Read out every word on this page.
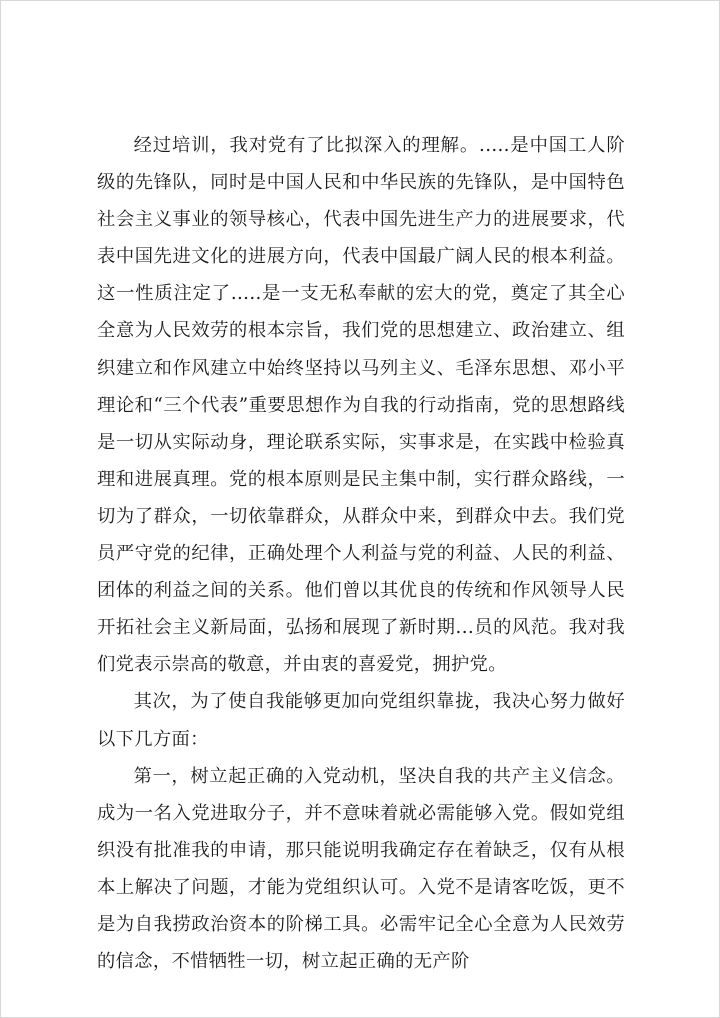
经过培训，我对党有了比拟深入的理解。.....是中国工人阶级的先锋队，同时是中国人民和中华民族的先锋队，是中国特色社会主义事业的领导核心，代表中国先进生产力的进展要求，代表中国先进文化的进展方向，代表中国最广阔人民的根本利益。这一性质注定了.....是一支无私奉献的宏大的党，奠定了其全心全意为人民效劳的根本宗旨，我们党的思想建立、政治建立、组织建立和作风建立中始终坚持以马列主义、毛泽东思想、邓小平理论和“三个代表”重要思想作为自我的行动指南，党的思想路线是一切从实际动身，理论联系实际，实事求是，在实践中检验真理和进展真理。党的根本原则是民主集中制，实行群众路线，一切为了群众，一切依靠群众，从群众中来，到群众中去。我们党员严守党的纪律，正确处理个人利益与党的利益、人民的利益、团体的利益之间的关系。他们曾以其优良的传统和作风领导人民开拓社会主义新局面，弘扬和展现了新时期...员的风范。我对我们党表示崇高的敬意，并由衷的喜爱党，拥护党。

其次，为了使自我能够更加向党组织靠拢，我决心努力做好以下几方面：

第一，树立起正确的入党动机，坚决自我的共产主义信念。成为一名入党进取分子，并不意味着就必需能够入党。假如党组织没有批准我的申请，那只能说明我确定存在着缺乏，仅有从根本上解决了问题，才能为党组织认可。入党不是请客吃饭，更不是为自我捞政治资本的阶梯工具。必需牢记全心全意为人民效劳的信念，不惜牺牲一切，树立起正确的无产阶
